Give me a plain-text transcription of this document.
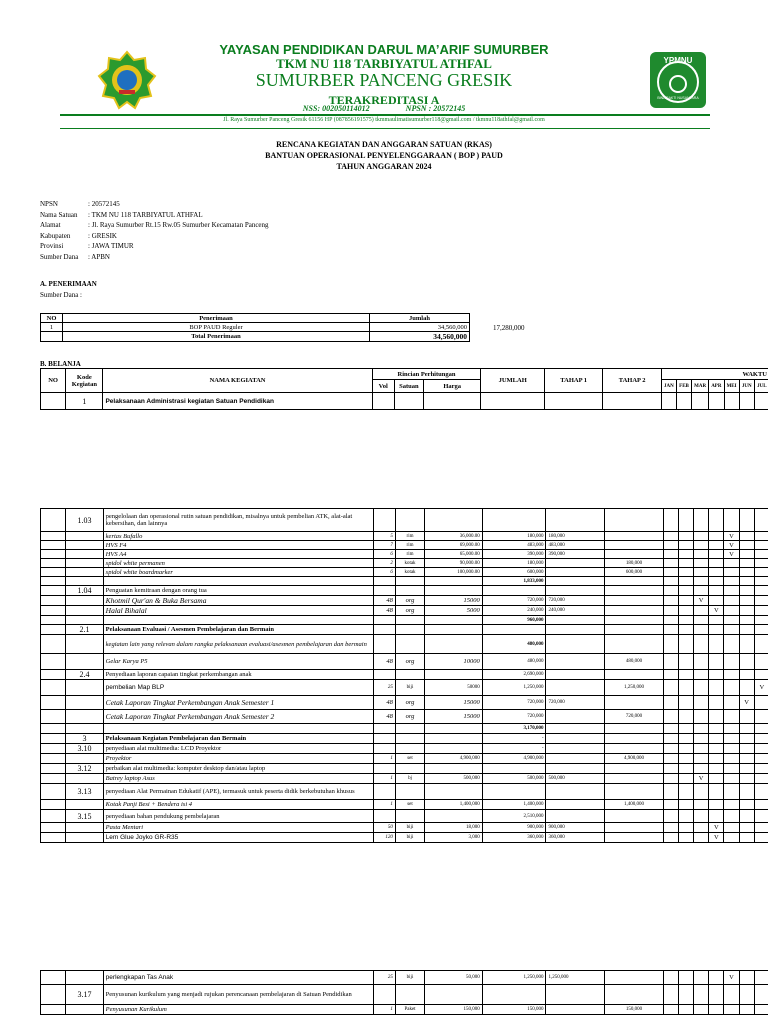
YPMNU
BINA BAKTI NUSANTARA
YAYASAN PENDIDIKAN DARUL MA’ARIF SUMURBER
TKM NU 118 TARBIYATUL ATHFAL
SUMURBER PANCENG GRESIK
TERAKREDITASI A
NSS: 002050114012	NPSN : 20572145
Jl. Raya Sumurber Panceng Gresik 61156 HP (087856191575) tkmmaulimatisumurber118@gmail.com / tkmnu118athfal@gmail.com
RENCANA KEGIATAN DAN ANGGARAN SATUAN (RKAS)
BANTUAN OPERASIONAL PENYELENGGARAAN ( BOP ) PAUD
TAHUN ANGGARAN 2024
NPSN	: 20572145
Nama Satuan : TKM NU 118 TARBIYATUL ATHFAL
Alamat	: Jl. Raya Sumurber Rt.15 Rw.05 Sumurber Kecamatan Panceng
Kabupaten	: GRESIK
Provinsi	: JAWA TIMUR
Sumber Dana : APBN
A. PENERIMAAN
Sumber Dana :
NO	Penerimaan	Jumlah
1	BOP PAUD Reguler	34,560,000
	Total Penerimaan	34,560,000
17,280,000
B. BELANJA
NO	Kode Kegiatan	NAMA KEGIATAN	Rincian Perhitungan			JUMLAH	TAHAP 1	TAHAP 2	WAKTU						
			Vol	Satuan	Harga				JAN	FEB	MAR	APR	MEI	JUN	JUL
	1	Pelaksanaan Administrasi kegiatan Satuan Pendidikan													
	1.03	pengelolaan dan operasional rutin satuan pendidikan, misalnya untuk pembelian ATK, alat-alat kebersihan, dan lainnya													
		kertas Bufallo	5	rim	36,000.00	180,000	180,000						V		
		HVS F4	7	rim	69,000.00	483,000	483,000						V		
		HVS A4	6	rim	65,000.00	390,000	390,000						V		
		spidol white permanen	2	kotak	90,000.00	180,000		180,000							
		spidol white boardmarker	6	kotak	100,000.00	600,000		600,000							
						1,833,000									
	1.04	Penguatan kemitraan dengan orang tua													
		Khotmil Qur'an & Buka Bersama	48	org	15000	720,000	720,000				V				
		Halal Bihalal	48	org	5000	240,000	240,000					V			
						960,000									
	2.1	Pelaksanaan Evaluasi / Asesmen Pembelajaran dan Bermain													
		kegiatan lain yang relevan dalam rangka pelaksanaan evaluasi/asesmen pembelajaran dan bermain				480,000									
		Gelar Karya P5	48	org	10000	480,000		480,000							
	2.4	Penyediaan laporan capaian tingkat perkembangan anak				2,690,000									
		pembelian Map BLP	25	biji	50000	1,250,000		1,250,000							V
		Cetak Laporan Tingkat Perkembangan Anak Semester 1	48	org	15000	720,000	720,000							V	
		Cetak Laporan Tingkat Perkembangan Anak Semester 2	48	org	15000	720,000		720,000							
						3,170,000									
	3	Pelaksanaan Kegiatan Pembelajaran dan Bermain				-									
	3.10	penyediaan alat multimedia: LCD Proyektor				-									
		Proyektor	1	set	4,900,000	4,900,000		4,900,000							
	3.12	perbaikan alat multimedia: komputer desktop dan/atau laptop													
		Batrey laptop Asus	1	bj	500,000	500,000	500,000				V				
	3.13	penyediaan Alat Permainan Edukatif (APE), termasuk untuk peserta didik berkebutuhan khusus													
		Kotak Panji Besi + Bendera isi 4	1	set	1,400,000	1,400,000		1,400,000							
	3.15	penyediaan bahan pendukung pembelajaran				2,510,000									
		Pasta Mentari	50	biji	18,000	900,000	900,000					V			
		Lem Glue Joyko GR-R35	120	biji	3,000	360,000	360,000					V			
		perlengkapan Tas Anak	25	biji	50,000	1,250,000	1,250,000						V		
	3.17	Penyusunan kurikulum yang menjadi rujukan perencanaan pembelajaran di Satuan Pendidikan													
		Penyusunan Kurikulum	1	Paket	150,000	150,000		150,000							
